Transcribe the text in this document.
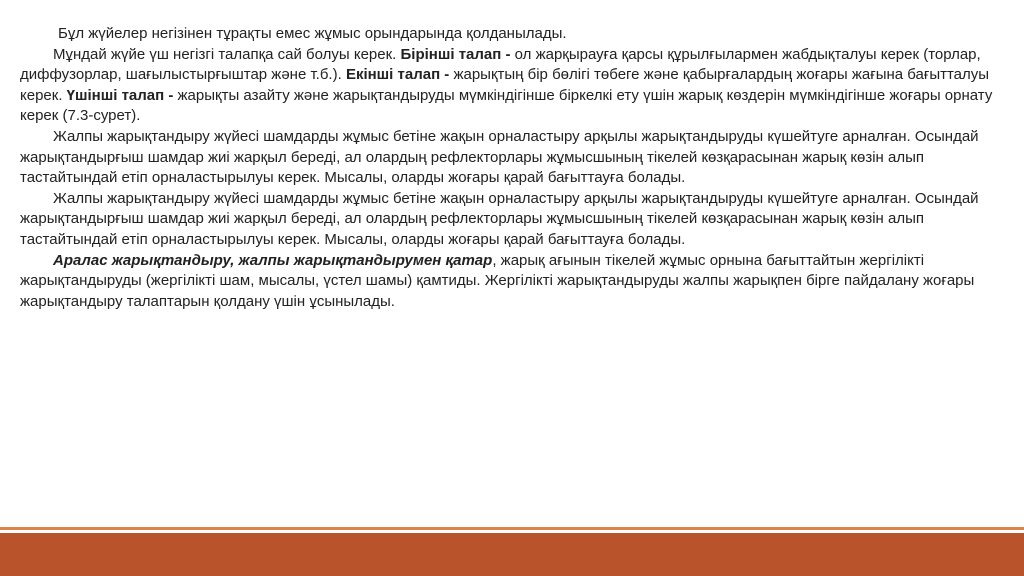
Бұл жүйелер негізінен тұрақты емес жұмыс орындарында қолданылады.

Мұндай жүйе үш негізгі талапқа сай болуы керек. Бірінші талап - ол жарқырауға қарсы құрылғылармен жабдықталуы керек (торлар, диффузорлар, шағылыстырғыштар және т.б.). Екінші талап - жарықтың бір бөлігі төбеге және қабырғалардың жоғары жағына бағытталуы керек. Үшінші талап - жарықты азайту және жарықтандыруды мүмкіндігінше біркелкі ету үшін жарық көздерін мүмкіндігінше жоғары орнату керек (7.3-сурет).

Жалпы жарықтандыру жүйесі шамдарды жұмыс бетіне жақын орналастыру арқылы жарықтандыруды күшейтуге арналған. Осындай жарықтандырғыш шамдар жиі жарқыл береді, ал олардың рефлекторлары жұмысшының тікелей көзқарасынан жарық көзін алып тастайтындай етіп орналастырылуы керек. Мысалы, оларды жоғары қарай бағыттауға болады.

Жалпы жарықтандыру жүйесі шамдарды жұмыс бетіне жақын орналастыру арқылы жарықтандыруды күшейтуге арналған. Осындай жарықтандырғыш шамдар жиі жарқыл береді, ал олардың рефлекторлары жұмысшының тікелей көзқарасынан жарық көзін алып тастайтындай етіп орналастырылуы керек. Мысалы, оларды жоғары қарай бағыттауға болады.

Аралас жарықтандыру, жалпы жарықтандырумен қатар, жарық ағынын тікелей жұмыс орнына бағыттайтын жергілікті жарықтандыруды (жергілікті шам, мысалы, үстел шамы) қамтиды. Жергілікті жарықтандыруды жалпы жарықпен бірге пайдалану жоғары жарықтандыру талаптарын қолдану үшін ұсынылады.
